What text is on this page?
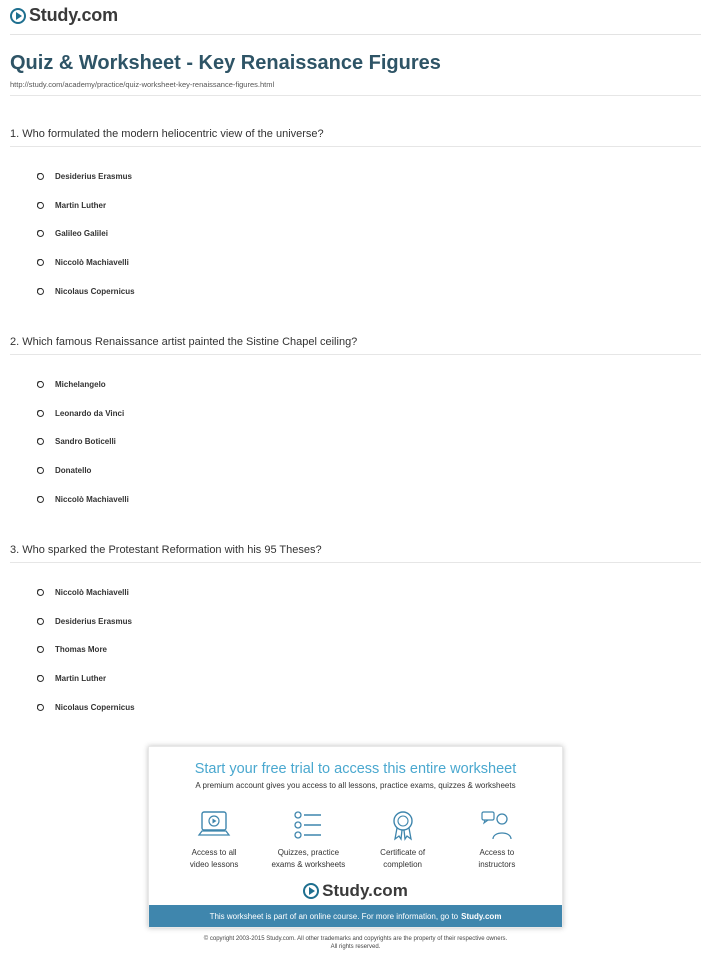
Study.com
Quiz & Worksheet - Key Renaissance Figures
http://study.com/academy/practice/quiz-worksheet-key-renaissance-figures.html
1. Who formulated the modern heliocentric view of the universe?
Desiderius Erasmus
Martin Luther
Galileo Galilei
Niccolò Machiavelli
Nicolaus Copernicus
2. Which famous Renaissance artist painted the Sistine Chapel ceiling?
Michelangelo
Leonardo da Vinci
Sandro Boticelli
Donatello
Niccolò Machiavelli
3. Who sparked the Protestant Reformation with his 95 Theses?
Niccolò Machiavelli
Desiderius Erasmus
Thomas More
Martin Luther
Nicolaus Copernicus
Start your free trial to access this entire worksheet
A premium account gives you access to all lessons, practice exams, quizzes & worksheets
Access to all
video lessons
Quizzes, practice
exams & worksheets
Certificate of
completion
Access to
instructors
Study.com
This worksheet is part of an online course. For more information, go to Study.com
© copyright 2003-2015 Study.com. All other trademarks and copyrights are the property of their respective owners.
All rights reserved.
